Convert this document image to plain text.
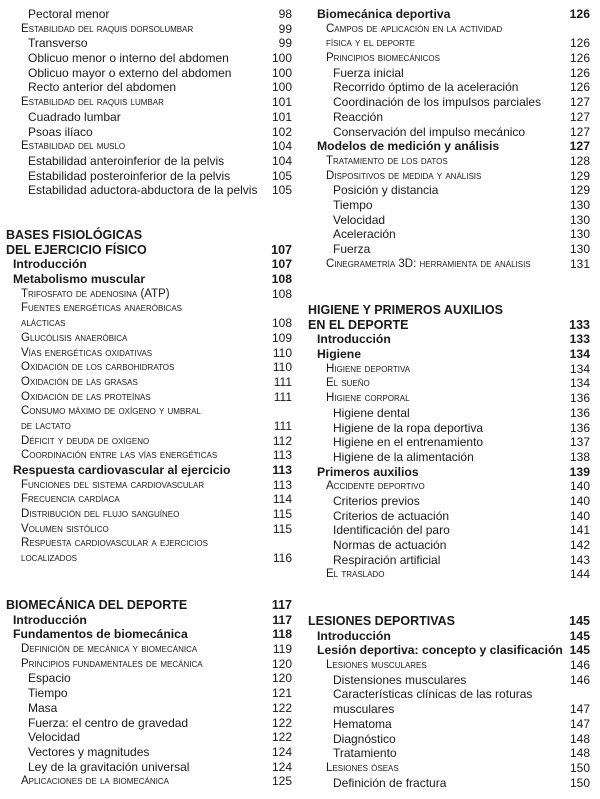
Pectoral menor	98
Estabilidad del raquis dorsolumbar	99
Transverso	99
Oblicuo menor o interno del abdomen	100
Oblicuo mayor o externo del abdomen	100
Recto anterior del abdomen	100
Estabilidad del raquis lumbar	101
Cuadrado lumbar	101
Psoas ilíaco	102
Estabilidad del muslo	104
Estabilidad anteroinferior de la pelvis	104
Estabilidad posteroinferior de la pelvis	105
Estabilidad aductora-abductora de la pelvis 105
BASES FISIOLÓGICAS
DEL EJERCICIO FÍSICO	107
Introducción	107
Metabolismo muscular	108
Trifosfato de adenosina (ATP)	108
Fuentes energéticas anaeróbicas
alácticas	108
Glucólisis anaeróbica	109
Vías energéticas oxidativas	110
Oxidación de los carbohidratos	110
Oxidación de las grasas	111
Oxidación de las proteínas	111
Consumo máximo de oxígeno y umbral
de lactato	111
Déficit y deuda de oxígeno	112
Coordinación entre las vías energéticas	113
Respuesta cardiovascular al ejercicio	113
Funciones del sistema cardiovascular	113
Frecuencia cardíaca	114
Distribución del flujo sanguíneo	115
Volumen sistólico	115
Respuesta cardiovascular a ejercicios
localizados	116
BIOMECÁNICA DEL DEPORTE	117
Introducción	117
Fundamentos de biomecánica	118
Definición de mecánica y biomecánica	119
Principios fundamentales de mecánica	120
Espacio	120
Tiempo	121
Masa	122
Fuerza: el centro de gravedad	122
Velocidad	122
Vectores y magnitudes	124
Ley de la gravitación universal	124
Aplicaciones de la biomecánica	125
Biomecánica deportiva	126
Campos de aplicación en la actividad
física y el deporte	126
Principios biomecánicos	126
Fuerza inicial	126
Recorrido óptimo de la aceleración	126
Coordinación de los impulsos parciales 127
Reacción	127
Conservación del impulso mecánico	127
Modelos de medición y análisis	127
Tratamiento de los datos	128
Dispositivos de medida y análisis	129
Posición y distancia	129
Tiempo	130
Velocidad	130
Aceleración	130
Fuerza	130
Cinegrametría 3D: herramienta de análisis	131
HIGIENE Y PRIMEROS AUXILIOS
EN EL DEPORTE	133
Introducción	133
Higiene	134
Higiene deportiva	134
El sueño	134
Higiene corporal	136
Higiene dental	136
Higiene de la ropa deportiva	136
Higiene en el entrenamiento	137
Higiene de la alimentación	138
Primeros auxilios	139
Accidente deportivo	140
Criterios previos	140
Criterios de actuación	140
Identificación del paro	141
Normas de actuación	142
Respiración artificial	143
El traslado	144
LESIONES DEPORTIVAS	145
Introducción	145
Lesión deportiva: concepto y clasificación 145
Lesiones musculares	146
Distensiones musculares	146
Características clínicas de las roturas
musculares	147
Hematoma	147
Diagnóstico	148
Tratamiento	148
Lesiones óseas	150
Definición de fractura	150
